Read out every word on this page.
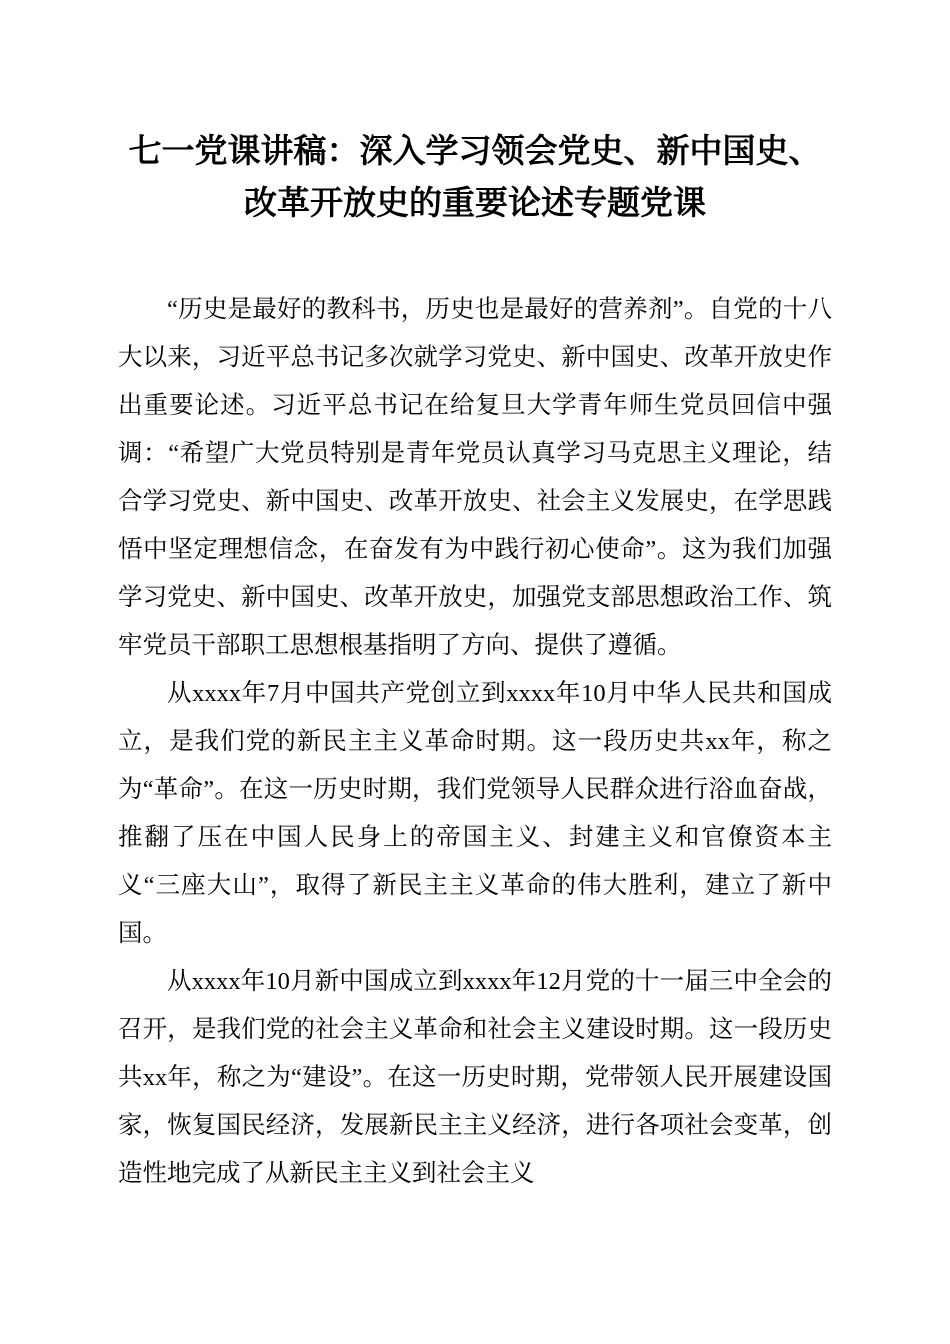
七一党课讲稿：深入学习领会党史、新中国史、改革开放史的重要论述专题党课

“历史是最好的教科书，历史也是最好的营养剂”。自党的十八大以来，习近平总书记多次就学习党史、新中国史、改革开放史作出重要论述。习近平总书记在给复旦大学青年师生党员回信中强调：“希望广大党员特别是青年党员认真学习马克思主义理论，结合学习党史、新中国史、改革开放史、社会主义发展史，在学思践悟中坚定理想信念，在奋发有为中践行初心使命”。这为我们加强学习党史、新中国史、改革开放史，加强党支部思想政治工作、筑牢党员干部职工思想根基指明了方向、提供了遵循。

从xxxx年7月中国共产党创立到xxxx年10月中华人民共和国成立，是我们党的新民主主义革命时期。这一段历史共xx年，称之为“革命”。在这一历史时期，我们党领导人民群众进行浴血奋战，推翻了压在中国人民身上的帝国主义、封建主义和官僚资本主义“三座大山”，取得了新民主主义革命的伟大胜利，建立了新中国。

从xxxx年10月新中国成立到xxxx年12月党的十一届三中全会的召开，是我们党的社会主义革命和社会主义建设时期。这一段历史共xx年，称之为“建设”。在这一历史时期，党带领人民开展建设国家，恢复国民经济，发展新民主主义经济，进行各项社会变革，创造性地完成了从新民主主义到社会主义
